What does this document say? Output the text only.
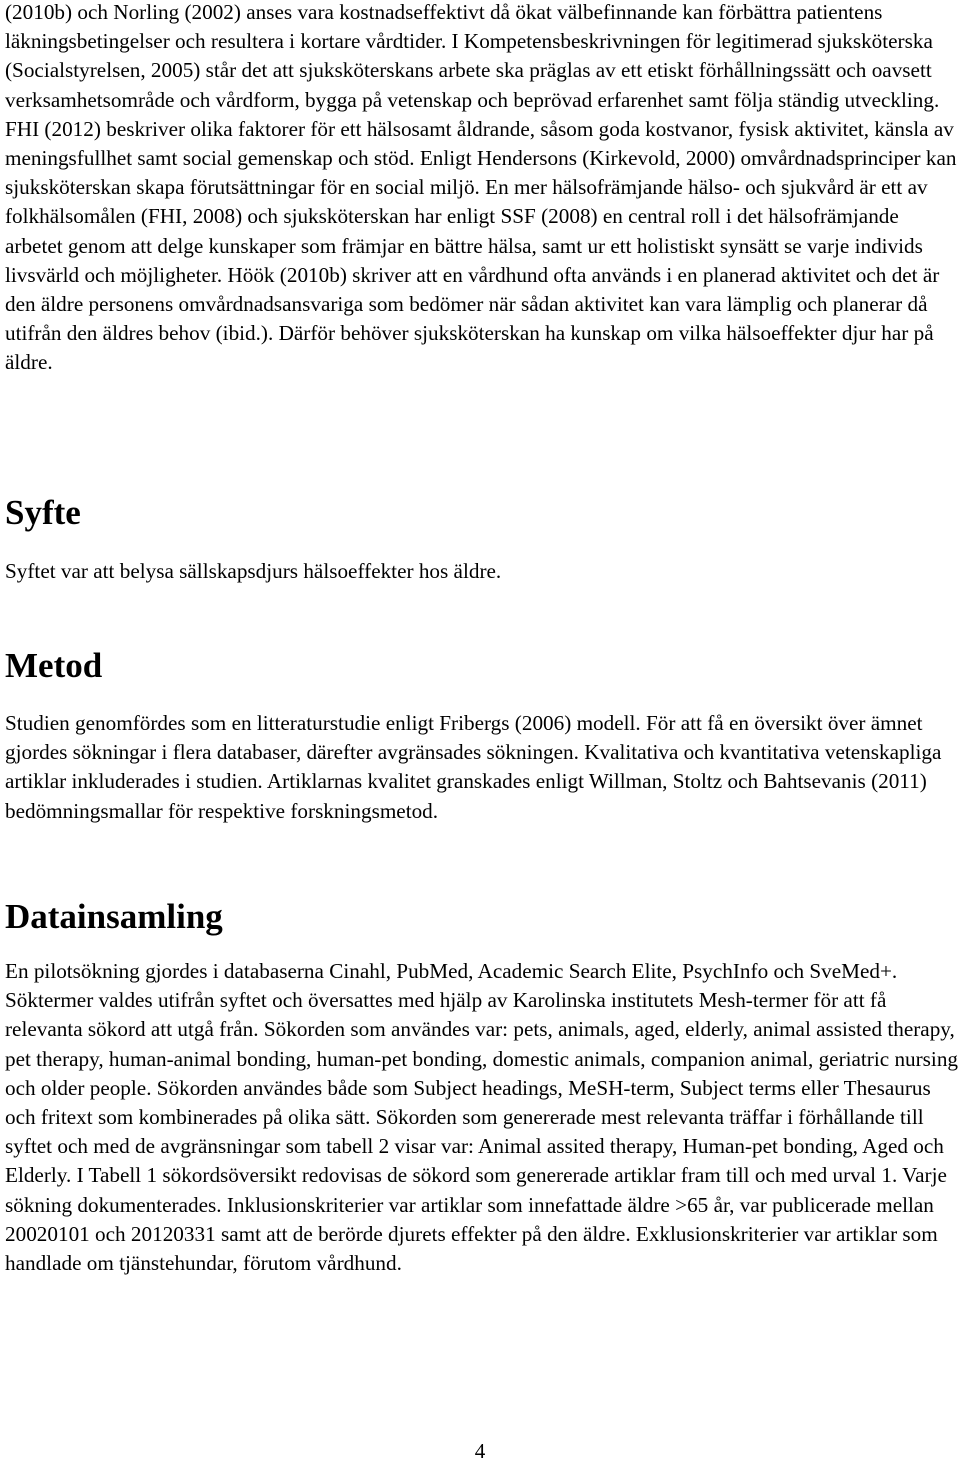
(2010b) och Norling (2002) anses vara kostnadseffektivt då ökat välbefinnande kan förbättra patientens läkningsbetingelser och resultera i kortare vårdtider. I Kompetensbeskrivningen för legitimerad sjuksköterska (Socialstyrelsen, 2005) står det att sjuksköterskans arbete ska präglas av ett etiskt förhållningssätt och oavsett verksamhetsområde och vårdform, bygga på vetenskap och beprövad erfarenhet samt följa ständig utveckling. FHI (2012) beskriver olika faktorer för ett hälsosamt åldrande, såsom goda kostvanor, fysisk aktivitet, känsla av meningsfullhet samt social gemenskap och stöd. Enligt Hendersons (Kirkevold, 2000) omvårdnadsprinciper kan sjuksköterskan skapa förutsättningar för en social miljö. En mer hälsofrämjande hälso- och sjukvård är ett av folkhälsomålen (FHI, 2008) och sjuksköterskan har enligt SSF (2008) en central roll i det hälsofrämjande arbetet genom att delge kunskaper som främjar en bättre hälsa, samt ur ett holistiskt synsätt se varje individs livsvärld och möjligheter. Höök (2010b) skriver att en vårdhund ofta används i en planerad aktivitet och det är den äldre personens omvårdnadsansvariga som bedömer när sådan aktivitet kan vara lämplig och planerar då utifrån den äldres behov (ibid.). Därför behöver sjuksköterskan ha kunskap om vilka hälsoeffekter djur har på äldre.

Syfte

Syftet var att belysa sällskapsdjurs hälsoeffekter hos äldre.

Metod

Studien genomfördes som en litteraturstudie enligt Fribergs (2006) modell. För att få en översikt över ämnet gjordes sökningar i flera databaser, därefter avgränsades sökningen. Kvalitativa och kvantitativa vetenskapliga artiklar inkluderades i studien. Artiklarnas kvalitet granskades enligt Willman, Stoltz och Bahtsevanis (2011) bedömningsmallar för respektive forskningsmetod.

Datainsamling

En pilotsökning gjordes i databaserna Cinahl, PubMed, Academic Search Elite, PsychInfo och SveMed+. Söktermer valdes utifrån syftet och översattes med hjälp av Karolinska institutets Mesh-termer för att få relevanta sökord att utgå från. Sökorden som användes var: pets, animals, aged, elderly, animal assisted therapy, pet therapy, human-animal bonding, human-pet bonding, domestic animals, companion animal, geriatric nursing och older people. Sökorden användes både som Subject headings, MeSH-term, Subject terms eller Thesaurus och fritext som kombinerades på olika sätt. Sökorden som genererade mest relevanta träffar i förhållande till syftet och med de avgränsningar som tabell 2 visar var: Animal assited therapy, Human-pet bonding, Aged och Elderly. I Tabell 1 sökordsöversikt redovisas de sökord som genererade artiklar fram till och med urval 1. Varje sökning dokumenterades. Inklusionskriterier var artiklar som innefattade äldre >65 år, var publicerade mellan 20020101 och 20120331 samt att de berörde djurets effekter på den äldre. Exklusionskriterier var artiklar som handlade om tjänstehundar, förutom vårdhund.

4
